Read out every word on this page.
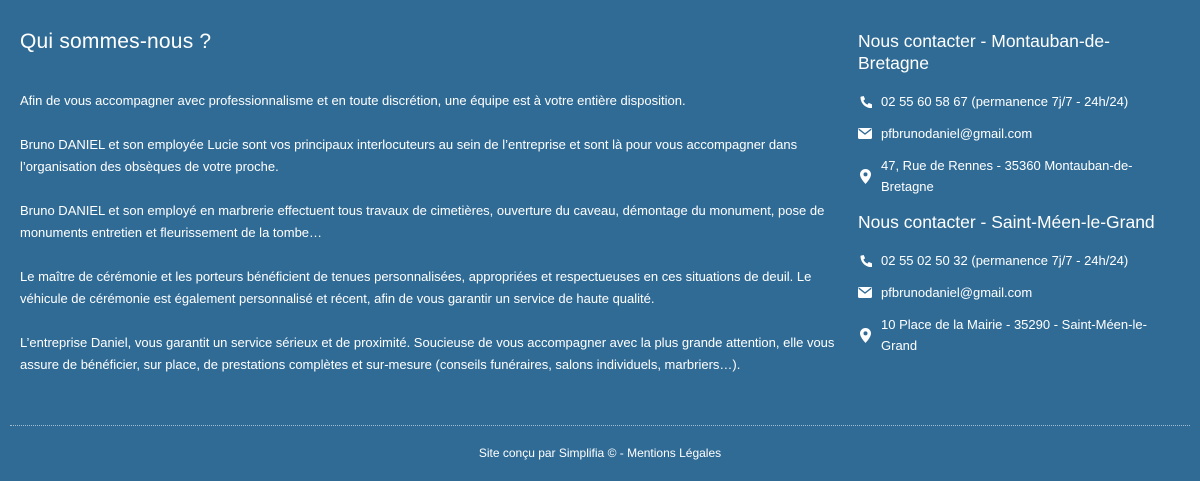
Qui sommes-nous ?

Afin de vous accompagner avec professionnalisme et en toute discrétion, une équipe est à votre entière disposition.

Bruno DANIEL et son employée Lucie sont vos principaux interlocuteurs au sein de l’entreprise et sont là pour vous accompagner dans l’organisation des obsèques de votre proche.

Bruno DANIEL et son employé en marbrerie effectuent tous travaux de cimetières, ouverture du caveau, démontage du monument, pose de monuments entretien et fleurissement de la tombe…

Le maître de cérémonie et les porteurs bénéficient de tenues personnalisées, appropriées et respectueuses en ces situations de deuil. Le véhicule de cérémonie est également personnalisé et récent, afin de vous garantir un service de haute qualité.

L’entreprise Daniel, vous garantit un service sérieux et de proximité. Soucieuse de vous accompagner avec la plus grande attention, elle vous assure de bénéficier, sur place, de prestations complètes et sur-mesure (conseils funéraires, salons individuels, marbriers…).

Nous contacter - Montauban-de-Bretagne
02 55 60 58 67 (permanence 7j/7 - 24h/24)
pfbrunodaniel@gmail.com
47, Rue de Rennes - 35360 Montauban-de-Bretagne
Nous contacter - Saint-Méen-le-Grand
02 55 02 50 32 (permanence 7j/7 - 24h/24)
pfbrunodaniel@gmail.com
10 Place de la Mairie - 35290 - Saint-Méen-le-Grand
Site conçu par Simplifia © - Mentions Légales
